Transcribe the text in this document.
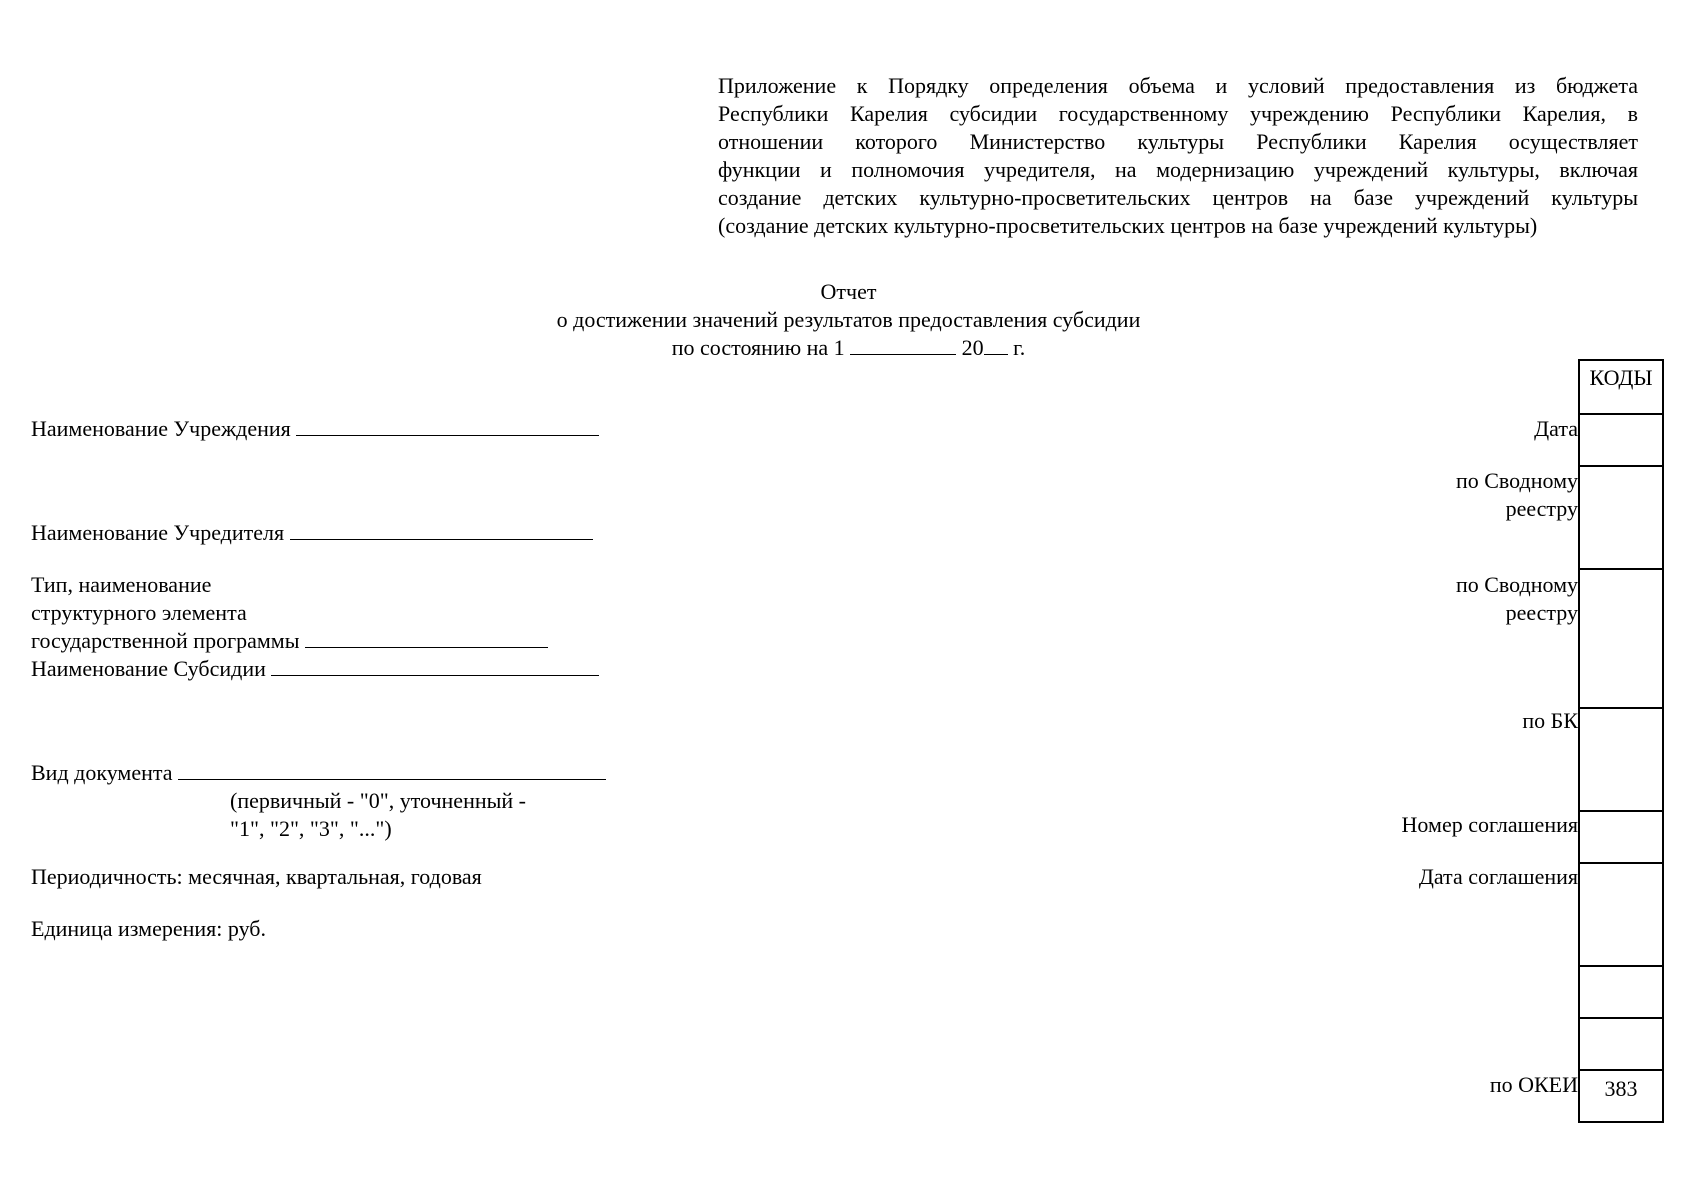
Приложение к Порядку определения объема и условий предоставления из бюджета
Республики Карелия субсидии государственному учреждению Республики Карелия, в
отношении которого Министерство культуры Республики Карелия осуществляет
функции и полномочия учредителя, на модернизацию учреждений культуры, включая
создание детских культурно-просветительских центров на базе учреждений культуры
(создание детских культурно-просветительских центров на базе учреждений культуры)
Отчет
о достижении значений результатов предоставления субсидии
по состоянию на 1	20 г.
Наименование Учреждения
Наименование Учредителя
Тип, наименование
структурного элемента
государственной программы
Наименование Субсидии
Вид документа
(первичный - "0", уточненный -
"1", "2", "3", "...")
Периодичность: месячная, квартальная, годовая
Единица измерения: руб.
Дата
по Сводному
реестру
по Сводному
реестру
по БК
Номер соглашения
Дата соглашения
по ОКЕИ
КОДЫ
383
